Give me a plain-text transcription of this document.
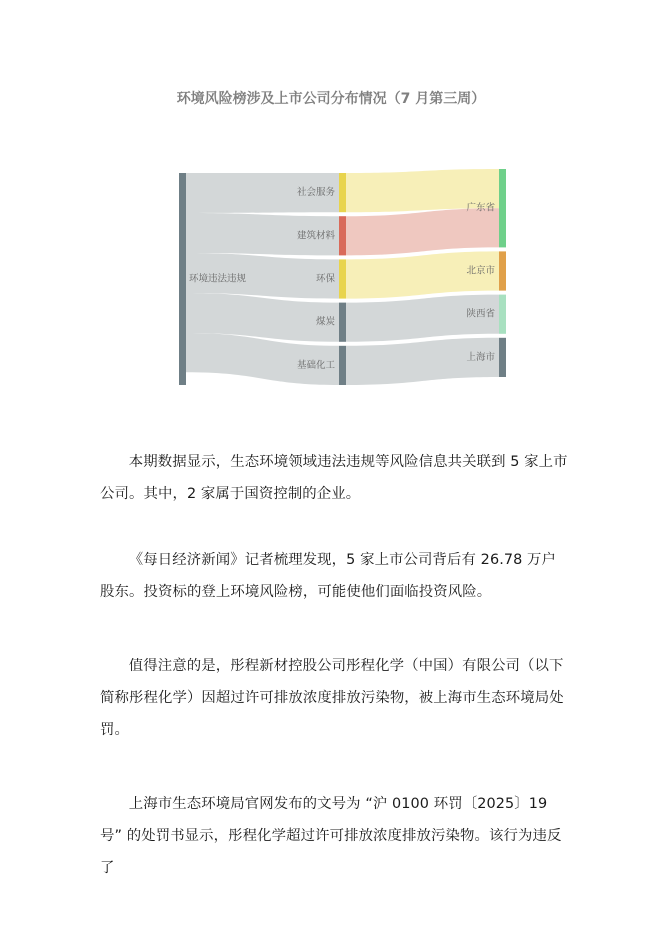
环境风险榜涉及上市公司分布情况（7 月第三周）
环境违法违规
社会服务
建筑材料
环保
煤炭
基础化工
广东省
北京市
陕西省
上海市

本期数据显示，生态环境领域违法违规等风险信息共关联到 5 家上市公司。其中，2 家属于国资控制的企业。

《每日经济新闻》记者梳理发现，5 家上市公司背后有 26.78 万户股东。投资标的登上环境风险榜，可能使他们面临投资风险。

值得注意的是，彤程新材控股公司彤程化学（中国）有限公司（以下简称彤程化学）因超过许可排放浓度排放污染物，被上海市生态环境局处罚。

上海市生态环境局官网发布的文号为 “沪 0100 环罚〔2025〕19 号” 的处罚书显示，彤程化学超过许可排放浓度排放污染物。该行为违反了
